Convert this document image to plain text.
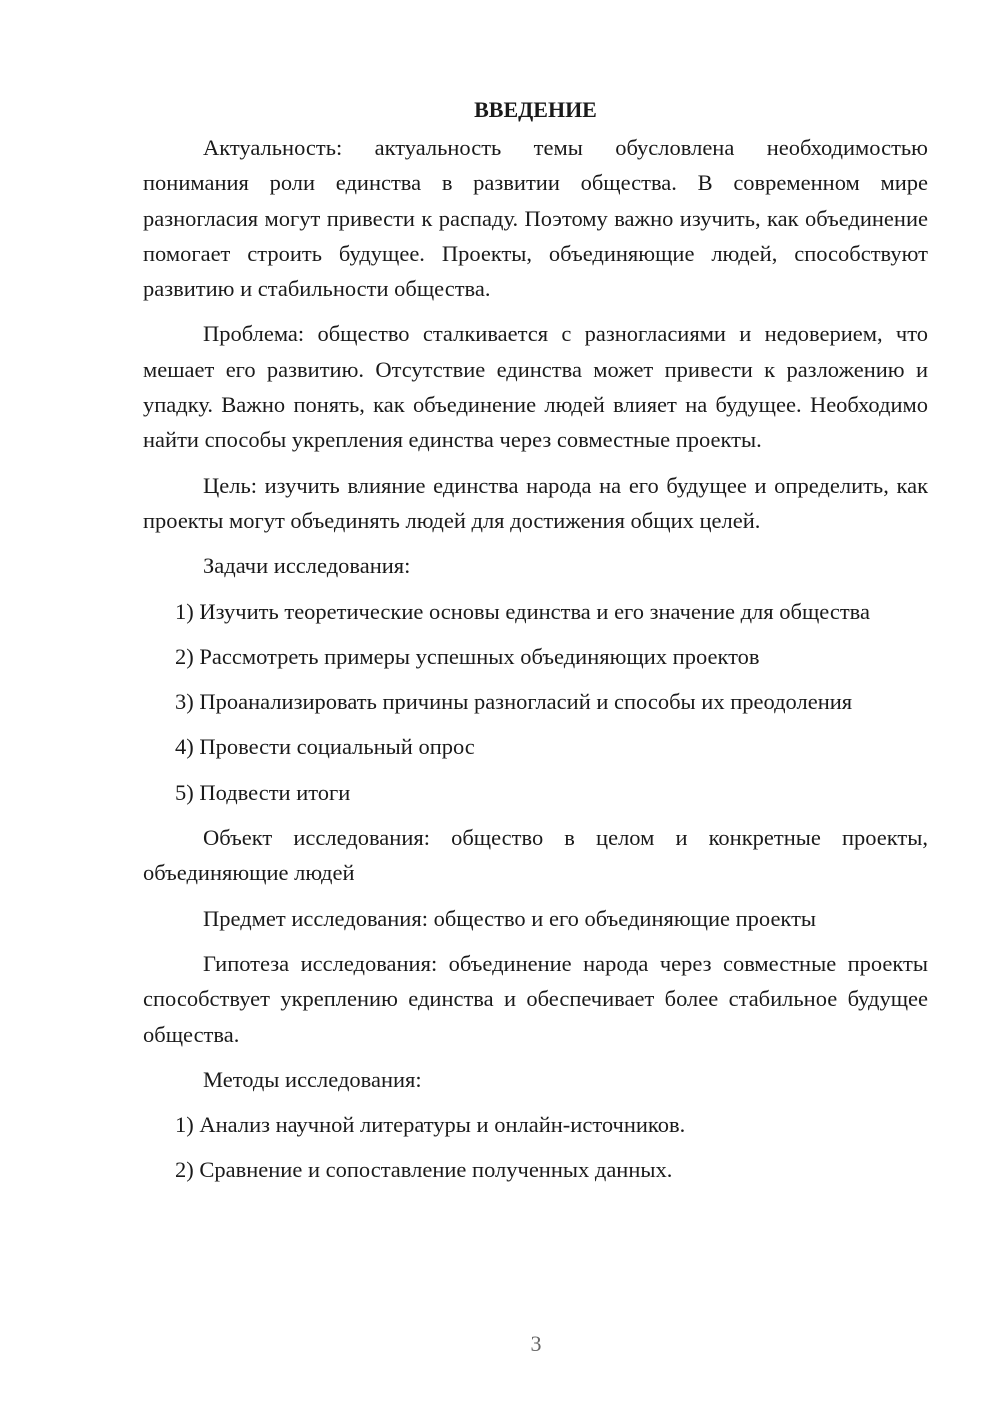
ВВЕДЕНИЕ

Актуальность: актуальность темы обусловлена необходимостью понимания роли единства в развитии общества. В современном мире разногласия могут привести к распаду. Поэтому важно изучить, как объединение помогает строить будущее. Проекты, объединяющие людей, способствуют развитию и стабильности общества.

Проблема: общество сталкивается с разногласиями и недоверием, что мешает его развитию. Отсутствие единства может привести к разложению и упадку. Важно понять, как объединение людей влияет на будущее. Необходимо найти способы укрепления единства через совместные проекты.

Цель: изучить влияние единства народа на его будущее и определить, как проекты могут объединять людей для достижения общих целей.

Задачи исследования:

1) Изучить теоретические основы единства и его значение для общества

2) Рассмотреть примеры успешных объединяющих проектов

3) Проанализировать причины разногласий и способы их преодоления

4) Провести социальный опрос

5) Подвести итоги

Объект исследования: общество в целом и конкретные проекты, объединяющие людей

Предмет исследования: общество и его объединяющие проекты

Гипотеза исследования: объединение народа через совместные проекты способствует укреплению единства и обеспечивает более стабильное будущее общества.

Методы исследования:

1) Анализ научной литературы и онлайн-источников.

2) Сравнение и сопоставление полученных данных.

3
